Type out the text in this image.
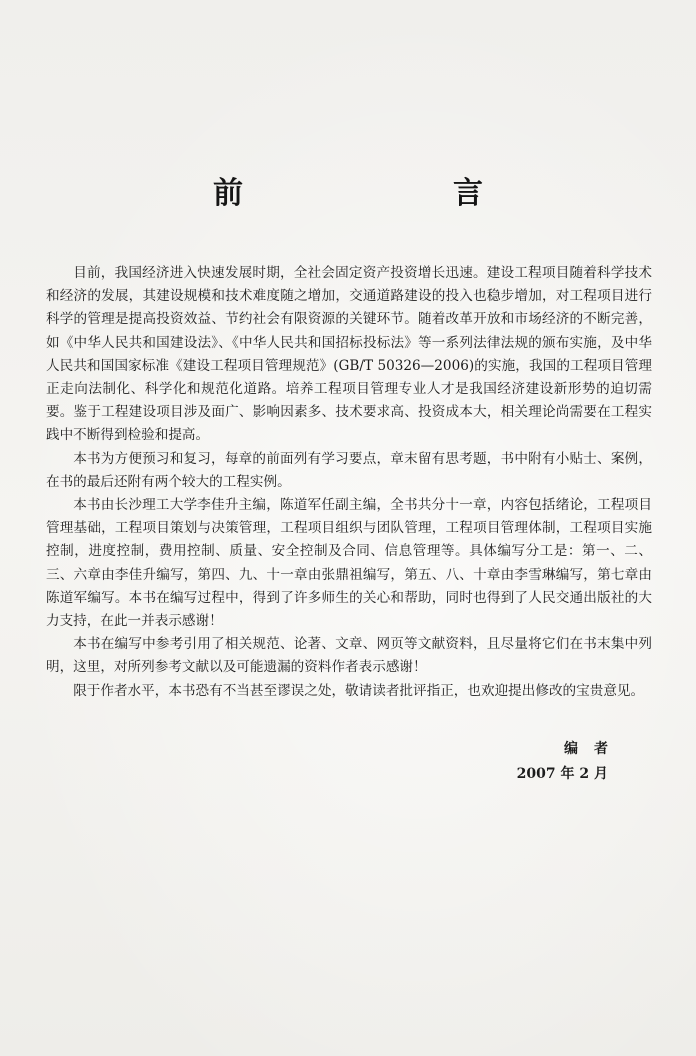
前　言

目前，我国经济进入快速发展时期，全社会固定资产投资增长迅速。建设工程项目随着科学技术和经济的发展，其建设规模和技术难度随之增加，交通道路建设的投入也稳步增加，对工程项目进行科学的管理是提高投资效益、节约社会有限资源的关键环节。随着改革开放和市场经济的不断完善，如《中华人民共和国建设法》、《中华人民共和国招标投标法》等一系列法律法规的颁布实施，及中华人民共和国国家标准《建设工程项目管理规范》(GB/T 50326—2006)的实施，我国的工程项目管理正走向法制化、科学化和规范化道路。培养工程项目管理专业人才是我国经济建设新形势的迫切需要。鉴于工程建设项目涉及面广、影响因素多、技术要求高、投资成本大，相关理论尚需要在工程实践中不断得到检验和提高。

本书为方便预习和复习，每章的前面列有学习要点，章末留有思考题，书中附有小贴士、案例，在书的最后还附有两个较大的工程实例。

本书由长沙理工大学李佳升主编，陈道军任副主编，全书共分十一章，内容包括绪论，工程项目管理基础，工程项目策划与决策管理，工程项目组织与团队管理，工程项目管理体制，工程项目实施控制，进度控制，费用控制、质量、安全控制及合同、信息管理等。具体编写分工是：第一、二、三、六章由李佳升编写，第四、九、十一章由张鼎祖编写，第五、八、十章由李雪琳编写，第七章由陈道军编写。本书在编写过程中，得到了许多师生的关心和帮助，同时也得到了人民交通出版社的大力支持，在此一并表示感谢！

本书在编写中参考引用了相关规范、论著、文章、网页等文献资料，且尽量将它们在书末集中列明，这里，对所列参考文献以及可能遗漏的资料作者表示感谢！

限于作者水平，本书恐有不当甚至谬误之处，敬请读者批评指正，也欢迎提出修改的宝贵意见。

编者
2007 年 2 月
